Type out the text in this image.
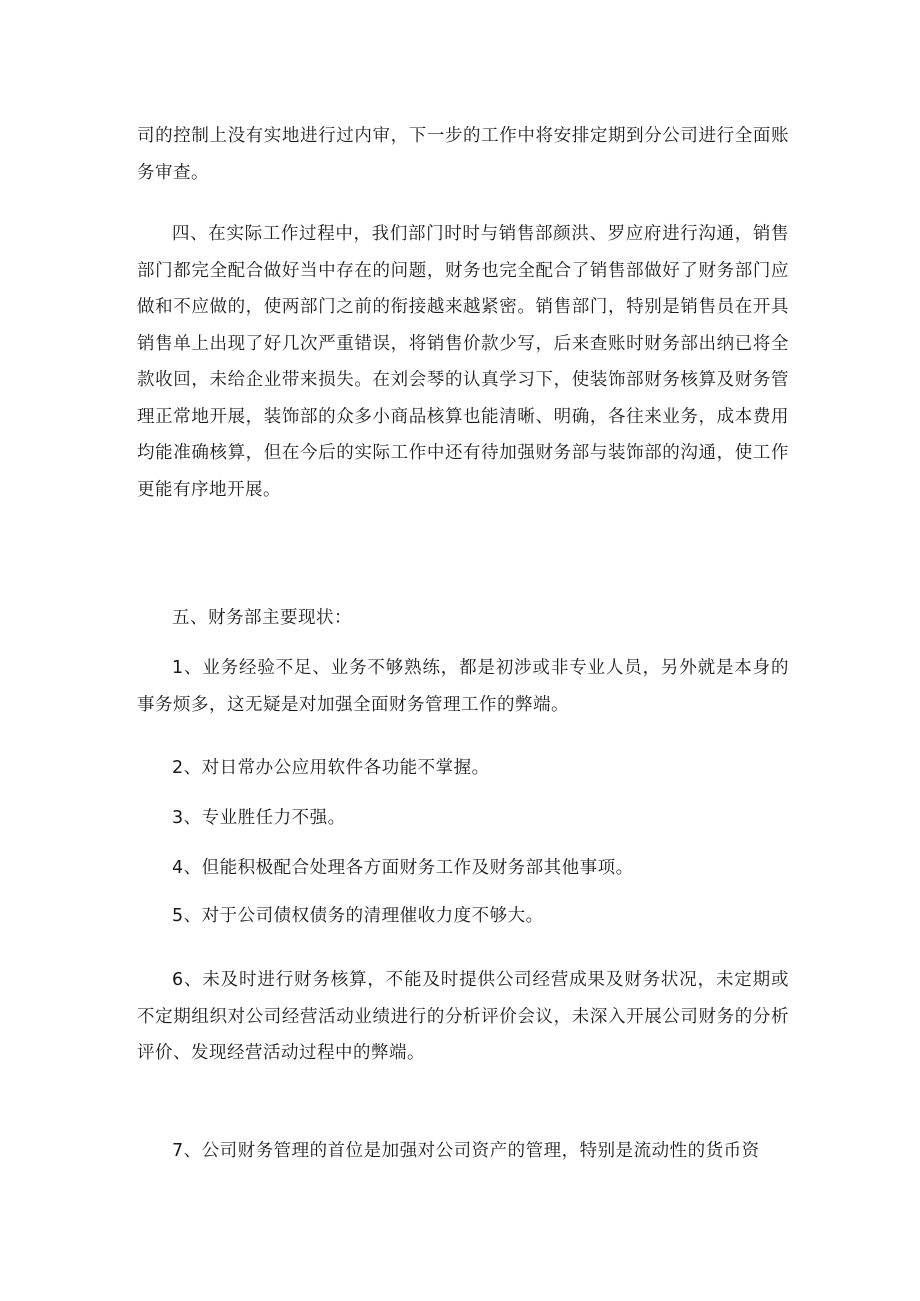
司的控制上没有实地进行过内审，下一步的工作中将安排定期到分公司进行全面账务审查。

四、在实际工作过程中，我们部门时时与销售部颜洪、罗应府进行沟通，销售部门都完全配合做好当中存在的问题，财务也完全配合了销售部做好了财务部门应做和不应做的，使两部门之前的衔接越来越紧密。销售部门，特别是销售员在开具销售单上出现了好几次严重错误，将销售价款少写，后来查账时财务部出纳已将全款收回，未给企业带来损失。在刘会琴的认真学习下，使装饰部财务核算及财务管理正常地开展，装饰部的众多小商品核算也能清晰、明确，各往来业务，成本费用均能准确核算，但在今后的实际工作中还有待加强财务部与装饰部的沟通，使工作更能有序地开展。

五、财务部主要现状：

1、业务经验不足、业务不够熟练，都是初涉或非专业人员，另外就是本身的事务烦多，这无疑是对加强全面财务管理工作的弊端。

2、对日常办公应用软件各功能不掌握。

3、专业胜任力不强。

4、但能积极配合处理各方面财务工作及财务部其他事项。

5、对于公司债权债务的清理催收力度不够大。

6、未及时进行财务核算，不能及时提供公司经营成果及财务状况，未定期或不定期组织对公司经营活动业绩进行的分析评价会议，未深入开展公司财务的分析评价、发现经营活动过程中的弊端。

7、公司财务管理的首位是加强对公司资产的管理，特别是流动性的货币资
